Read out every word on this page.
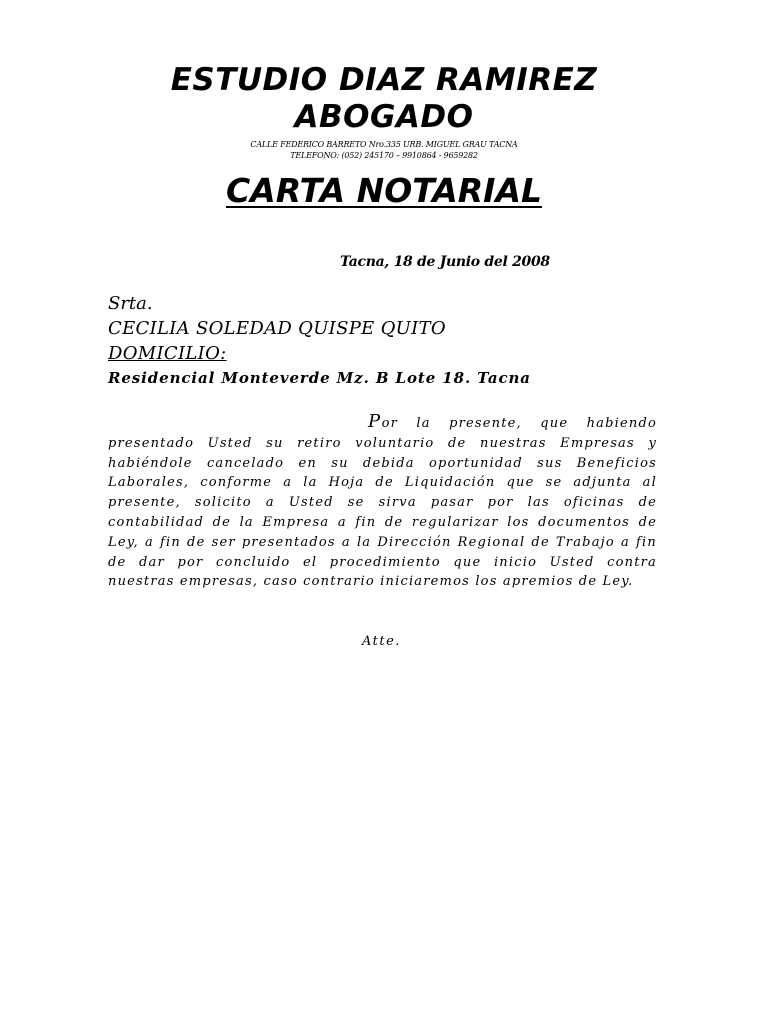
ESTUDIO DIAZ RAMIREZ
ABOGADO
CALLE FEDERICO BARRETO Nro.335 URB. MIGUEL GRAU TACNA
TELEFONO: (052) 245170 – 9910864 - 9659282
CARTA NOTARIAL
Tacna, 18 de Junio del 2008
Srta.
CECILIA SOLEDAD QUISPE QUITO
DOMICILIO:
Residencial Monteverde Mz. B Lote 18. Tacna
Por la presente, que habiendo presentado Usted su retiro voluntario de nuestras Empresas y habiéndole cancelado en su debida oportunidad sus Beneficios Laborales, conforme a la Hoja de Liquidación que se adjunta al presente, solicito a Usted se sirva pasar por las oficinas de contabilidad de la Empresa a fin de regularizar los documentos de Ley, a fin de ser presentados a la Dirección Regional de Trabajo a fin de dar por concluido el procedimiento que inicio Usted contra nuestras empresas, caso contrario iniciaremos los apremios de Ley.
Atte.
